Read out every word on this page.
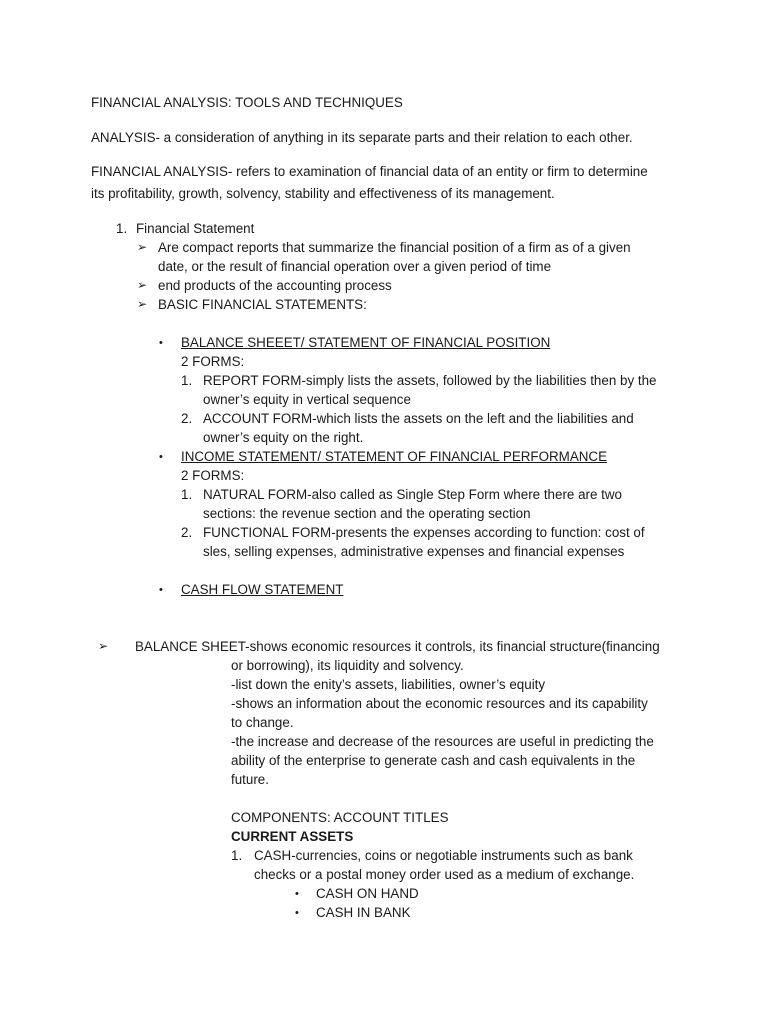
FINANCIAL ANALYSIS: TOOLS AND TECHNIQUES
ANALYSIS- a consideration of anything in its separate parts and their relation to each other.
FINANCIAL ANALYSIS- refers to examination of financial data of an entity or firm to determine
its profitability, growth, solvency, stability and effectiveness of its management.
1. Financial Statement
➢ Are compact reports that summarize the financial position of a firm as of a given
date, or the result of financial operation over a given period of time
➢ end products of the accounting process
➢ BASIC FINANCIAL STATEMENTS:
• BALANCE SHEEET/ STATEMENT OF FINANCIAL POSITION
2 FORMS:
1. REPORT FORM-simply lists the assets, followed by the liabilities then by the
owner’s equity in vertical sequence
2. ACCOUNT FORM-which lists the assets on the left and the liabilities and
owner’s equity on the right.
• INCOME STATEMENT/ STATEMENT OF FINANCIAL PERFORMANCE
2 FORMS:
1. NATURAL FORM-also called as Single Step Form where there are two
sections: the revenue section and the operating section
2. FUNCTIONAL FORM-presents the expenses according to function: cost of
sles, selling expenses, administrative expenses and financial expenses
• CASH FLOW STATEMENT
➢ BALANCE SHEET-shows economic resources it controls, its financial structure(financing
or borrowing), its liquidity and solvency.
-list down the enity’s assets, liabilities, owner’s equity
-shows an information about the economic resources and its capability
to change.
-the increase and decrease of the resources are useful in predicting the
ability of the enterprise to generate cash and cash equivalents in the
future.
COMPONENTS: ACCOUNT TITLES
CURRENT ASSETS
1. CASH-currencies, coins or negotiable instruments such as bank
checks or a postal money order used as a medium of exchange.
• CASH ON HAND
• CASH IN BANK
